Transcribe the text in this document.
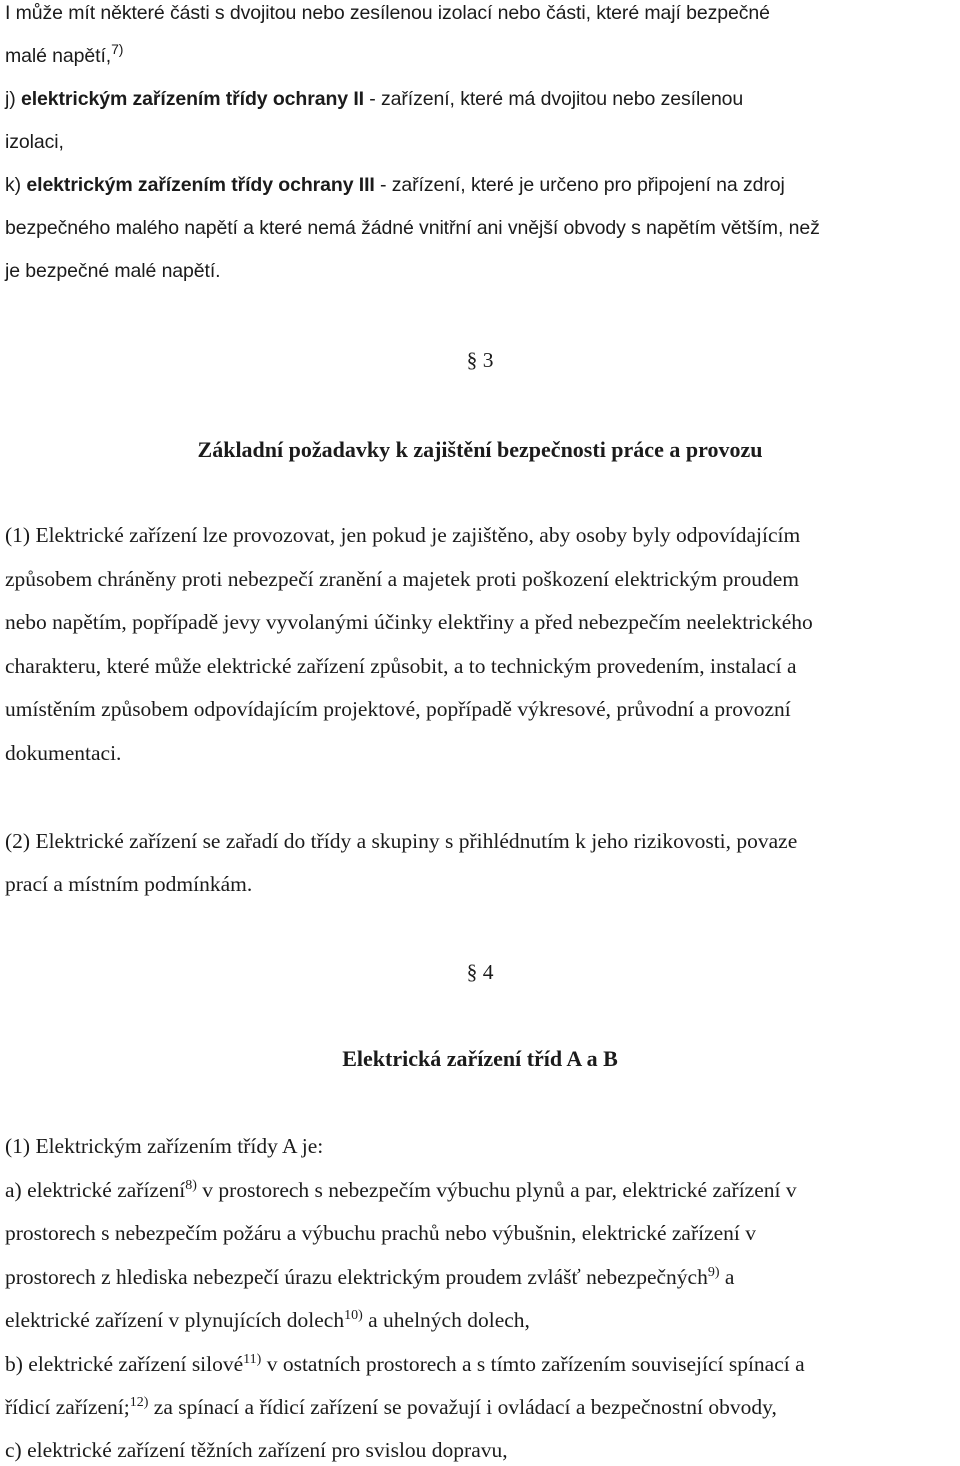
I může mít některé části s dvojitou nebo zesílenou izolací nebo části, které mají bezpečné
malé napětí,$^{7)}$
j) elektrickým zařízením třídy ochrany II - zařízení, které má dvojitou nebo zesílenou
izolaci,
k) elektrickým zařízením třídy ochrany III - zařízení, které je určeno pro připojení na zdroj
bezpečného malého napětí a které nemá žádné vnitřní ani vnější obvody s napětím větším, než
je bezpečné malé napětí.
§ 3
Základní požadavky k zajištění bezpečnosti práce a provozu
(1) Elektrické zařízení lze provozovat, jen pokud je zajištěno, aby osoby byly odpovídajícím
způsobem chráněny proti nebezpečí zranění a majetek proti poškození elektrickým proudem
nebo napětím, popřípadě jevy vyvolanými účinky elektřiny a před nebezpečím neelektrického
charakteru, které může elektrické zařízení způsobit, a to technickým provedením, instalací a
umístěním způsobem odpovídajícím projektové, popřípadě výkresové, průvodní a provozní
dokumentaci.
(2) Elektrické zařízení se zařadí do třídy a skupiny s přihlédnutím k jeho rizikovosti, povaze
prací a místním podmínkám.
§ 4
Elektrická zařízení tříd A a B
(1) Elektrickým zařízením třídy A je:
a) elektrické zařízení$^{8)}$ v prostorech s nebezpečím výbuchu plynů a par, elektrické zařízení v
prostorech s nebezpečím požáru a výbuchu prachů nebo výbušnin, elektrické zařízení v
prostorech z hlediska nebezpečí úrazu elektrickým proudem zvlášť nebezpečných$^{9)}$ a
elektrické zařízení v plynujících dolech$^{10)}$ a uhelných dolech,
b) elektrické zařízení silové$^{11)}$ v ostatních prostorech a s tímto zařízením související spínací a
řídicí zařízení;$^{12)}$ za spínací a řídicí zařízení se považují i ovládací a bezpečnostní obvody,
c) elektrické zařízení těžních zařízení pro svislou dopravu,
